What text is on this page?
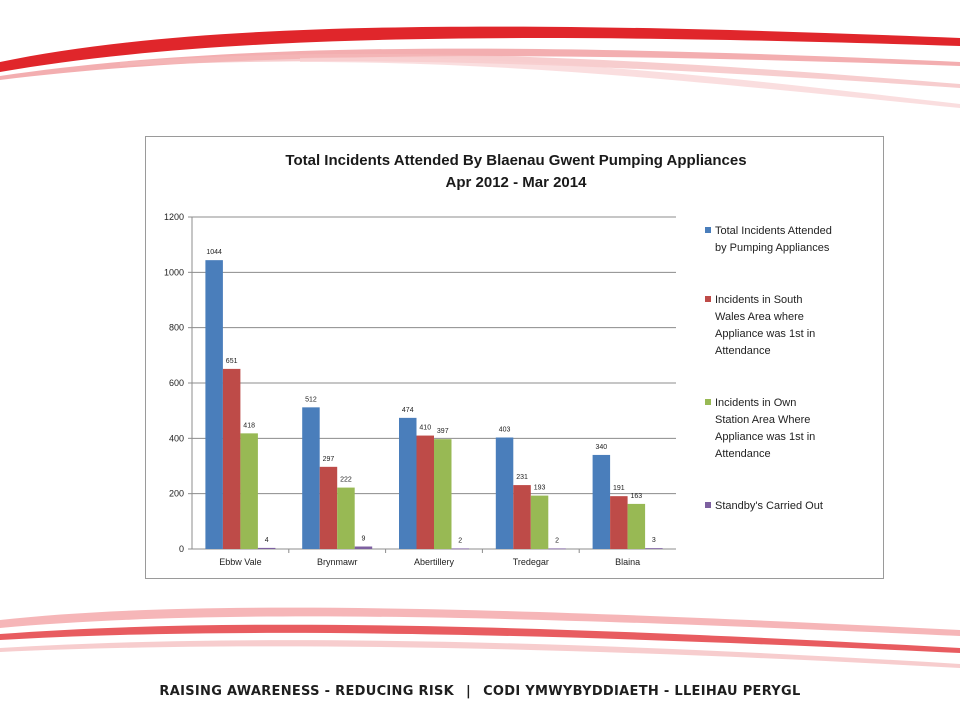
Total Incidents Attended By Blaenau Gwent Pumping Appliances
Apr 2012 - Mar 2014
0
200
400
600
800
1000
1200
Ebbw Vale	Brynmawr	Abertillery	Tredegar	Blaina
1044
651
418
4
512
297
222
9
474
410
397
2
403
231
193
2
340
191
163
3
Total Incidents Attended by Pumping Appliances
Incidents in South Wales Area where Appliance was 1st in Attendance
Incidents in Own Station Area Where Appliance was 1st in Attendance
Standby's Carried Out
RAISING AWARENESS - REDUCING RISK | CODI YMWYBYDDIAETH - LLEIHAU PERYGL
